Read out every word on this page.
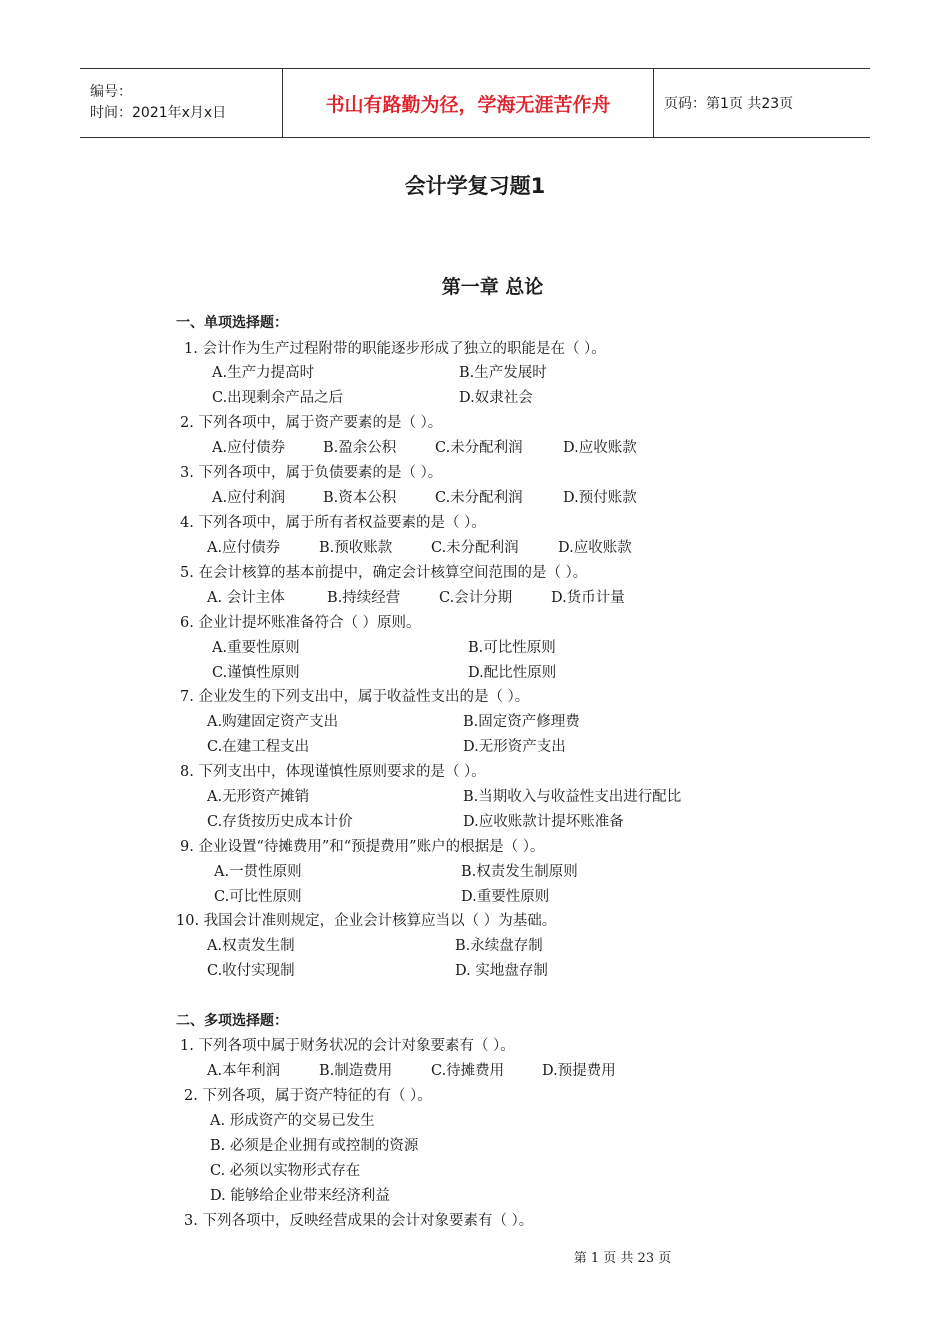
编号：
时间：2021年x月x日	书山有路勤为径，学海无涯苦作舟	页码：第1页 共23页
会计学复习题1
第一章 总论
一、单项选择题：
1. 会计作为生产过程附带的职能逐步形成了独立的职能是在（ ）。
A.生产力提高时	B.生产发展时
C.出现剩余产品之后	D.奴隶社会
2. 下列各项中，属于资产要素的是（ ）。
A.应付债券	B.盈余公积	C.未分配利润	D.应收账款
3. 下列各项中，属于负债要素的是（ ）。
A.应付利润	B.资本公积	C.未分配利润	D.预付账款
4. 下列各项中，属于所有者权益要素的是（ ）。
A.应付债券	B.预收账款	C.未分配利润	D.应收账款
5. 在会计核算的基本前提中，确定会计核算空间范围的是（ ）。
A. 会计主体	B.持续经营	C.会计分期	D.货币计量
6. 企业计提坏账准备符合（ ）原则。
A.重要性原则	B.可比性原则
C.谨慎性原则	D.配比性原则
7. 企业发生的下列支出中，属于收益性支出的是（ ）。
A.购建固定资产支出	B.固定资产修理费
C.在建工程支出	D.无形资产支出
8. 下列支出中，体现谨慎性原则要求的是（ ）。
A.无形资产摊销	B.当期收入与收益性支出进行配比
C.存货按历史成本计价	D.应收账款计提坏账准备
9. 企业设置“待摊费用”和“预提费用”账户的根据是（ ）。
A.一贯性原则	B.权责发生制原则
C.可比性原则	D.重要性原则
10. 我国会计准则规定，企业会计核算应当以（ ）为基础。
A.权责发生制	B.永续盘存制
C.收付实现制	D. 实地盘存制
二、多项选择题：
1. 下列各项中属于财务状况的会计对象要素有（ ）。
A.本年利润	B.制造费用	C.待摊费用	D.预提费用
2. 下列各项，属于资产特征的有（ ）。
A. 形成资产的交易已发生
B. 必须是企业拥有或控制的资源
C. 必须以实物形式存在
D. 能够给企业带来经济利益
3. 下列各项中，反映经营成果的会计对象要素有（ ）。
第 1 页 共 23 页
